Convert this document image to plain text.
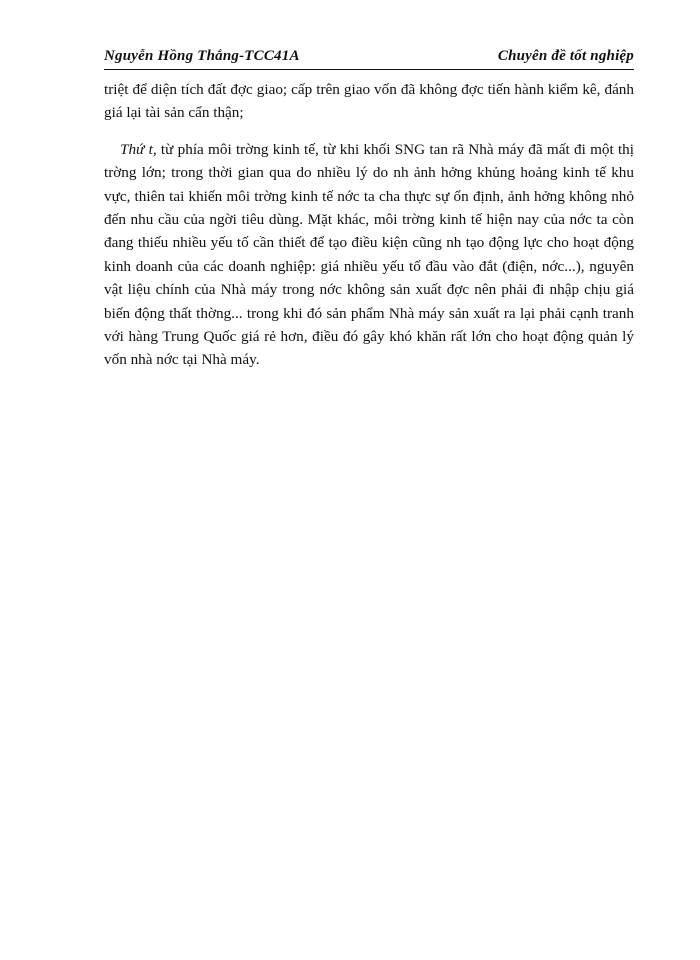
Nguyễn Hồng Thắng-TCC41A	Chuyên đề tốt nghiệp

triệt để diện tích đất đợc giao; cấp trên giao vốn đã không đợc tiến hành kiểm kê, đánh giá lại tài sản cẩn thận;

Thứ t, từ phía môi trờng kinh tế, từ khi khối SNG tan rã Nhà máy đã mất đi một thị trờng lớn; trong thời gian qua do nhiều lý do nh ảnh hởng khủng hoảng kinh tế khu vực, thiên tai khiến môi trờng kinh tế nớc ta cha thực sự ổn định, ảnh hởng không nhỏ đến nhu cầu của ngời tiêu dùng. Mặt khác, môi trờng kinh tế hiện nay của nớc ta còn đang thiếu nhiều yếu tố cần thiết để tạo điều kiện cũng nh tạo động lực cho hoạt động kinh doanh của các doanh nghiệp: giá nhiều yếu tố đầu vào đắt (điện, nớc...), nguyên vật liệu chính của Nhà máy trong nớc không sản xuất đợc nên phải đi nhập chịu giá biến động thất thờng... trong khi đó sản phẩm Nhà máy sản xuất ra lại phải cạnh tranh với hàng Trung Quốc giá rẻ hơn, điều đó gây khó khăn rất lớn cho hoạt động quản lý vốn nhà nớc tại Nhà máy.
